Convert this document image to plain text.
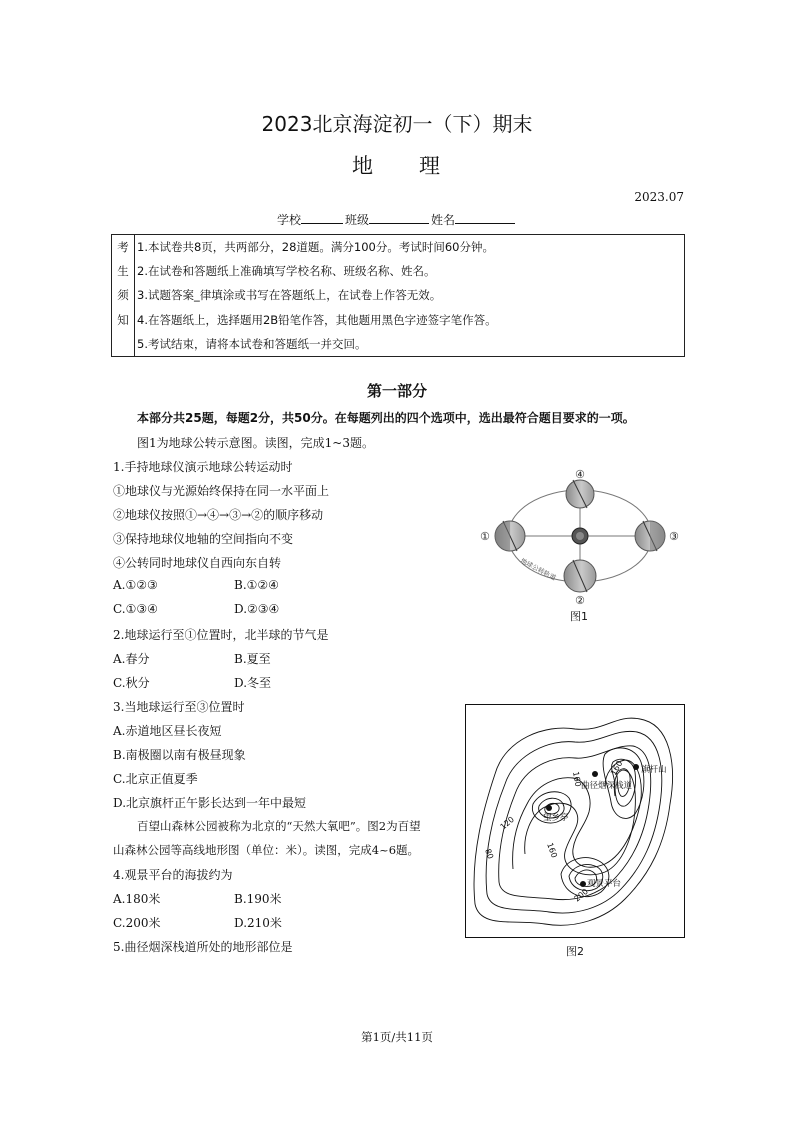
2023北京海淀初一（下）期末
地 理
2023.07
学校	班级	姓名
考
生
须
知

1.本试卷共8页，共两部分，28道题。满分100分。考试时间60分钟。
2.在试卷和答题纸上准确填写学校名称、班级名称、姓名。
3.试题答案_律填涂或书写在答题纸上，在试卷上作答无效。
4.在答题纸上，选择题用2B铅笔作答，其他题用黑色字迹签字笔作答。
5.考试结束，请将本试卷和答题纸一并交回。
第一部分
本部分共25题，每题2分，共50分。在每题列出的四个选项中，选出最符合题目要求的一项。
图1为地球公转示意图。读图，完成1~3题。
1.手持地球仪演示地球公转运动时
①地球仪与光源始终保持在同一水平面上
②地球仪按照①→④→③→②的顺序移动
③保持地球仪地轴的空间指向不变
④公转同时地球仪自西向东自转
A.①②③	B.①②④
C.①③④	D.②③④
2.地球运行至①位置时，北半球的节气是
A.春分	B.夏至
C.秋分	D.冬至
3.当地球运行至③位置时
A.赤道地区昼长夜短
B.南极圈以南有极昼现象
C.北京正值夏季
D.北京旗杆正午影长达到一年中最短
百望山森林公园被称为北京的“天然大氧吧”。图2为百望
山森林公园等高线地形图（单位：米）。读图，完成4~6题。
4.观景平台的海拔约为
A.180米	B.190米
C.200米	D.210米
5.曲径烟深栈道所处的地形部位是
④
①	③
②
地球公转轨道
图1
曲径烟深栈道
旗杆山
望乡亭
观景平台
80
120
160
160
160
200
图2
第1页/共11页
